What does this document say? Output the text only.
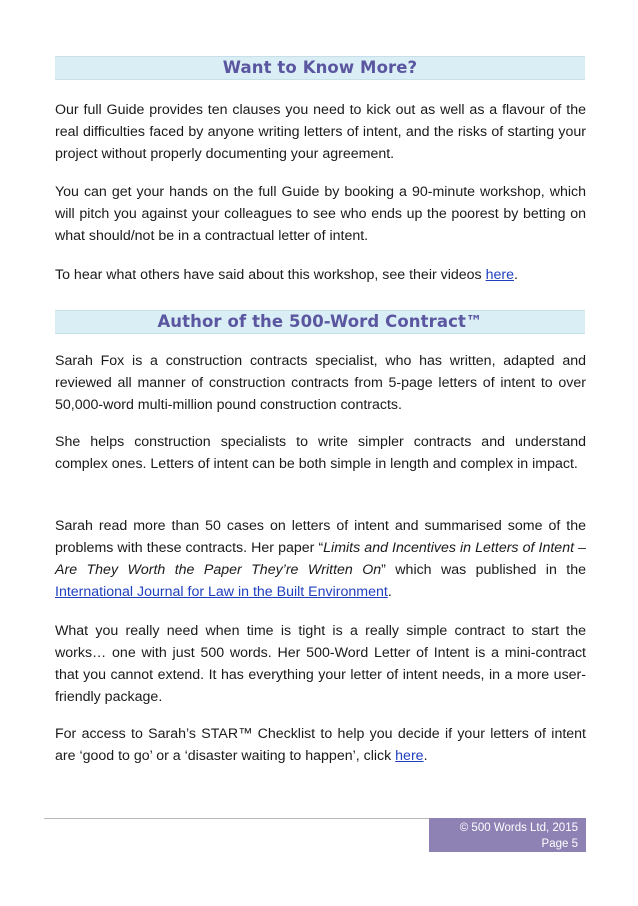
Want to Know More?

Our full Guide provides ten clauses you need to kick out as well as a flavour of the real difficulties faced by anyone writing letters of intent, and the risks of starting your project without properly documenting your agreement.

You can get your hands on the full Guide by booking a 90-minute workshop, which will pitch you against your colleagues to see who ends up the poorest by betting on what should/not be in a contractual letter of intent.

To hear what others have said about this workshop, see their videos here.

Author of the 500-Word Contract™

Sarah Fox is a construction contracts specialist, who has written, adapted and reviewed all manner of construction contracts from 5-page letters of intent to over 50,000-word multi-million pound construction contracts.

She helps construction specialists to write simpler contracts and understand complex ones. Letters of intent can be both simple in length and complex in impact.

Sarah read more than 50 cases on letters of intent and summarised some of the problems with these contracts. Her paper “Limits and Incentives in Letters of Intent – Are They Worth the Paper They’re Written On” which was published in the International Journal for Law in the Built Environment.

What you really need when time is tight is a really simple contract to start the works… one with just 500 words. Her 500-Word Letter of Intent is a mini-contract that you cannot extend. It has everything your letter of intent needs, in a more user-friendly package.

For access to Sarah’s STAR™ Checklist to help you decide if your letters of intent are ‘good to go’ or a ‘disaster waiting to happen’, click here.

© 500 Words Ltd, 2015
Page 5
